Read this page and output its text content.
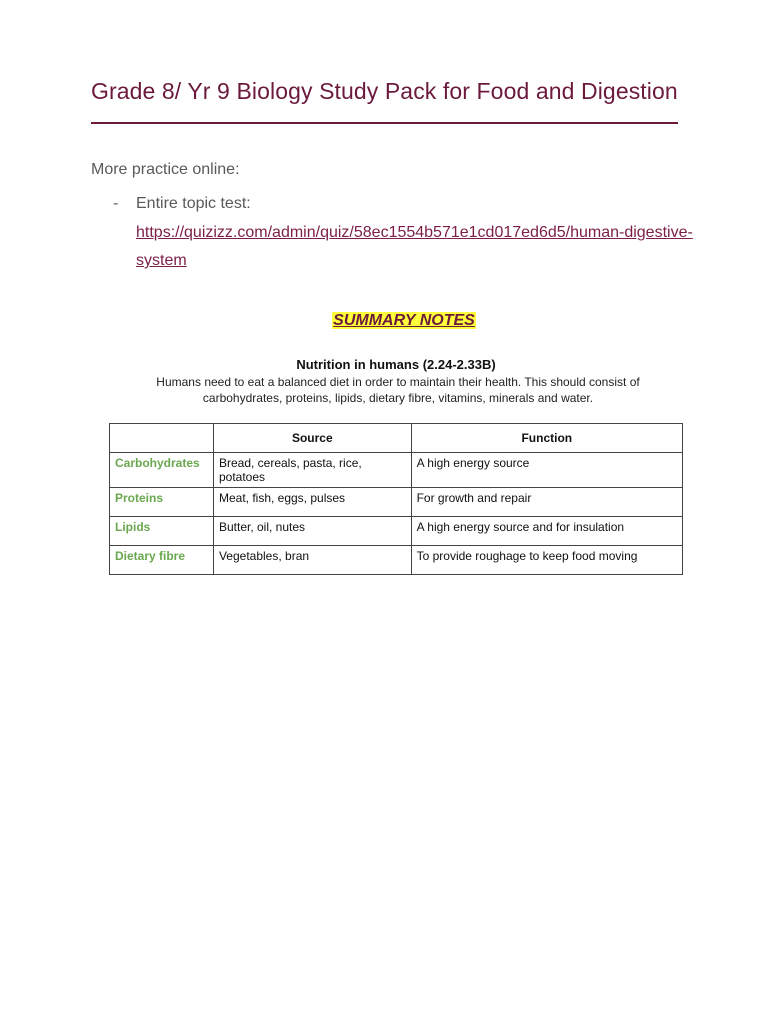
Grade 8/ Yr 9 Biology Study Pack for Food and Digestion
More practice online:
- Entire topic test:
https://quizizz.com/admin/quiz/58ec1554b571e1cd017ed6d5/human-digestive-system
SUMMARY NOTES
Nutrition in humans (2.24-2.33B)
Humans need to eat a balanced diet in order to maintain their health. This should consist of carbohydrates, proteins, lipids, dietary fibre, vitamins, minerals and water.
	Source	Function
Carbohydrates	Bread, cereals, pasta, rice, potatoes	A high energy source
Proteins	Meat, fish, eggs, pulses	For growth and repair
Lipids	Butter, oil, nutes	A high energy source and for insulation
Dietary fibre	Vegetables, bran	To provide roughage to keep food moving
